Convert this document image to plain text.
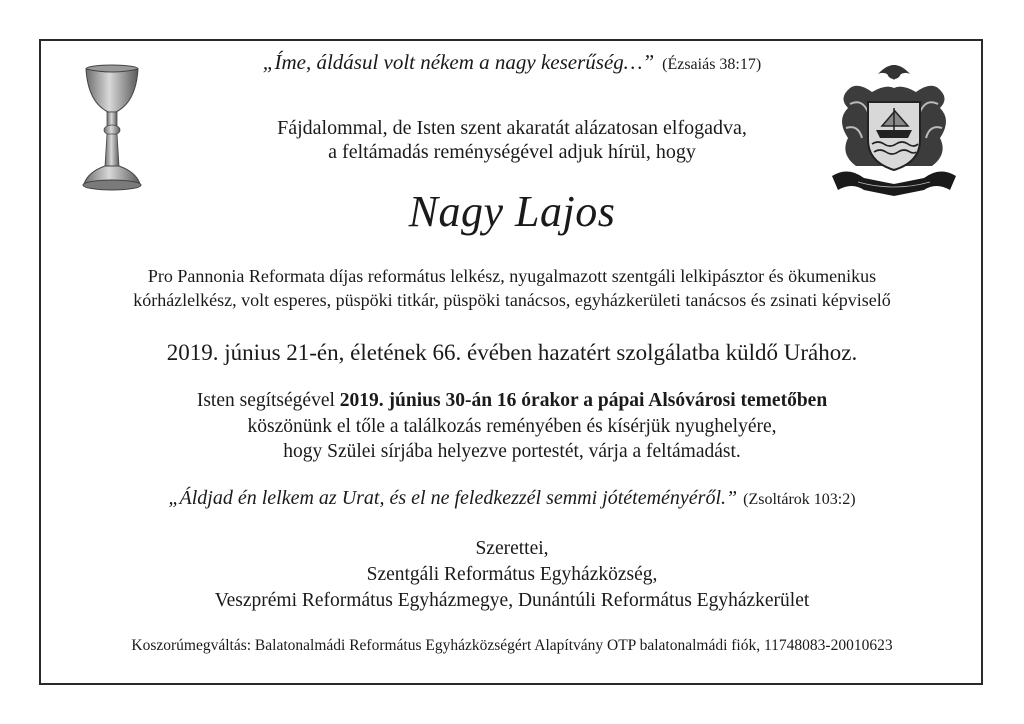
„Íme, áldásul volt nékem a nagy keserűség…” (Ézsaiás 38:17)
Fájdalommal, de Isten szent akaratát alázatosan elfogadva,
a feltámadás reménységével adjuk hírül, hogy
Nagy Lajos
Pro Pannonia Reformata díjas református lelkész, nyugalmazott szentgáli lelkipásztor és ökumenikus
kórházlelkész, volt esperes, püspöki titkár, püspöki tanácsos, egyházkerületi tanácsos és zsinati képviselő
2019. június 21-én, életének 66. évében hazatért szolgálatba küldő Urához.
Isten segítségével 2019. június 30-án 16 órakor a pápai Alsóvárosi temetőben
köszönünk el tőle a találkozás reményében és kísérjük nyughelyére,
hogy Szülei sírjába helyezve portestét, várja a feltámadást.
„Áldjad én lelkem az Urat, és el ne feledkezzél semmi jótéteményéről.” (Zsoltárok 103:2)
Szerettei,
Szentgáli Református Egyházközség,
Veszprémi Református Egyházmegye, Dunántúli Református Egyházkerület
Koszorúmegváltás: Balatonalmádi Református Egyházközségért Alapítvány OTP balatonalmádi fiók, 11748083-20010623
